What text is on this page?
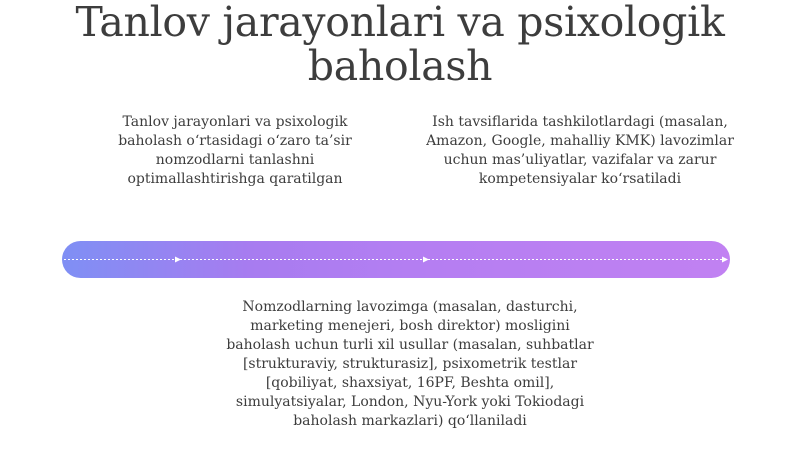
Tanlov jarayonlari va psixologik baholash
Tanlov jarayonlari va psixologik baholash o‘rtasidagi o‘zaro ta’sir nomzodlarni tanlashni optimallashtirishga qaratilgan
Ish tavsiflarida tashkilotlardagi (masalan, Amazon, Google, mahalliy KMK) lavozimlar uchun mas’uliyatlar, vazifalar va zarur kompetensiyalar ko‘rsatiladi
Nomzodlarning lavozimga (masalan, dasturchi, marketing menejeri, bosh direktor) mosligini baholash uchun turli xil usullar (masalan, suhbatlar [strukturaviy, strukturasiz], psixometrik testlar [qobiliyat, shaxsiyat, 16PF, Beshta omil], simulyatsiyalar, London, Nyu-York yoki Tokiodagi baholash markazlari) qo‘llaniladi
